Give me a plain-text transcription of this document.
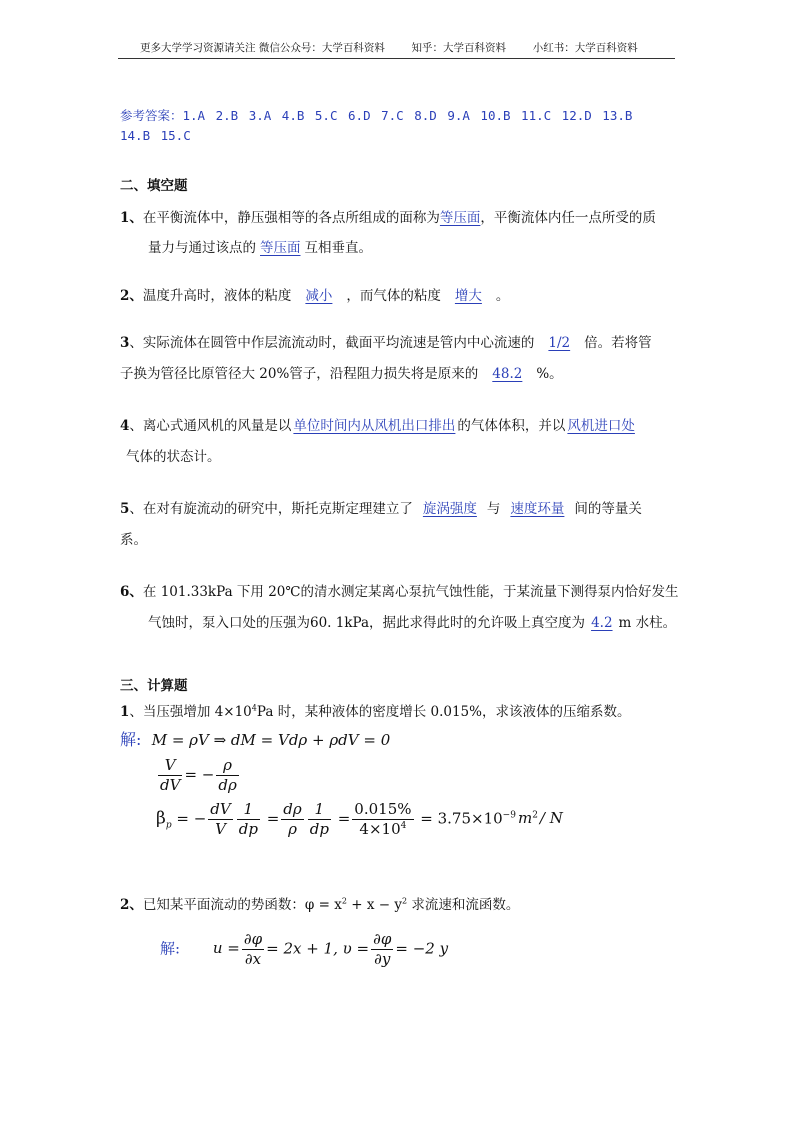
更多大学学习资源请关注 微信公众号：大学百科资料        知乎：大学百科资料        小红书：大学百科资料
参考答案：1.A 2.B 3.A 4.B 5.C 6.D 7.C 8.D 9.A 10.B 11.C 12.D 13.B
14.B 15.C
二、填空题
1、在平衡流体中，静压强相等的各点所组成的面称为等压面，平衡流体内任一点所受的质
量力与通过该点的 等压面 互相垂直。
2、温度升高时，液体的粘度 减小 ，而气体的粘度 增大 。
3、实际流体在圆管中作层流流动时，截面平均流速是管内中心流速的 1/2 倍。若将管
子换为管径比原管径大 20%管子，沿程阻力损失将是原来的 48.2 %。
4、离心式通风机的风量是以 单位时间内从风机出口排出 的气体体积，并以 风机进口处
气体的状态计。
5、在对有旋流动的研究中，斯托克斯定理建立了 旋涡强度 与 速度环量 间的等量关
系。
6、在 101.33kPa 下用 20℃的清水测定某离心泵抗气蚀性能，于某流量下测得泵内恰好发生
气蚀时，泵入口处的压强为60. 1kPa，据此求得此时的允许吸上真空度为 4.2 m 水柱。
三、计算题
1、当压强增加 $4\times 10^4Pa$ 时，某种液体的密度增长 0.015%，求该液体的压缩系数。
解: M = ρV ⇒ dM = Vdρ + ρdV = 0
$\frac{V}{dV}$ = − $\frac{\rho}{d\rho}$
$\beta_p$ = − $\frac{dV}{V} \frac{1}{dp} = \frac{d\rho}{\rho} \frac{1}{dp} = \frac{0.015\%}{4\times 10^4} = 3.75\times 10^{-9}$ $m^2$ / N
2、已知某平面流动的势函数：$\varphi = x^2 + x - y^2$ 求流速和流函数。
解: $u = \frac{\partial\varphi}{\partial x} = 2x + 1$, $\upsilon = \frac{\partial\varphi}{\partial y} = -2$ y
